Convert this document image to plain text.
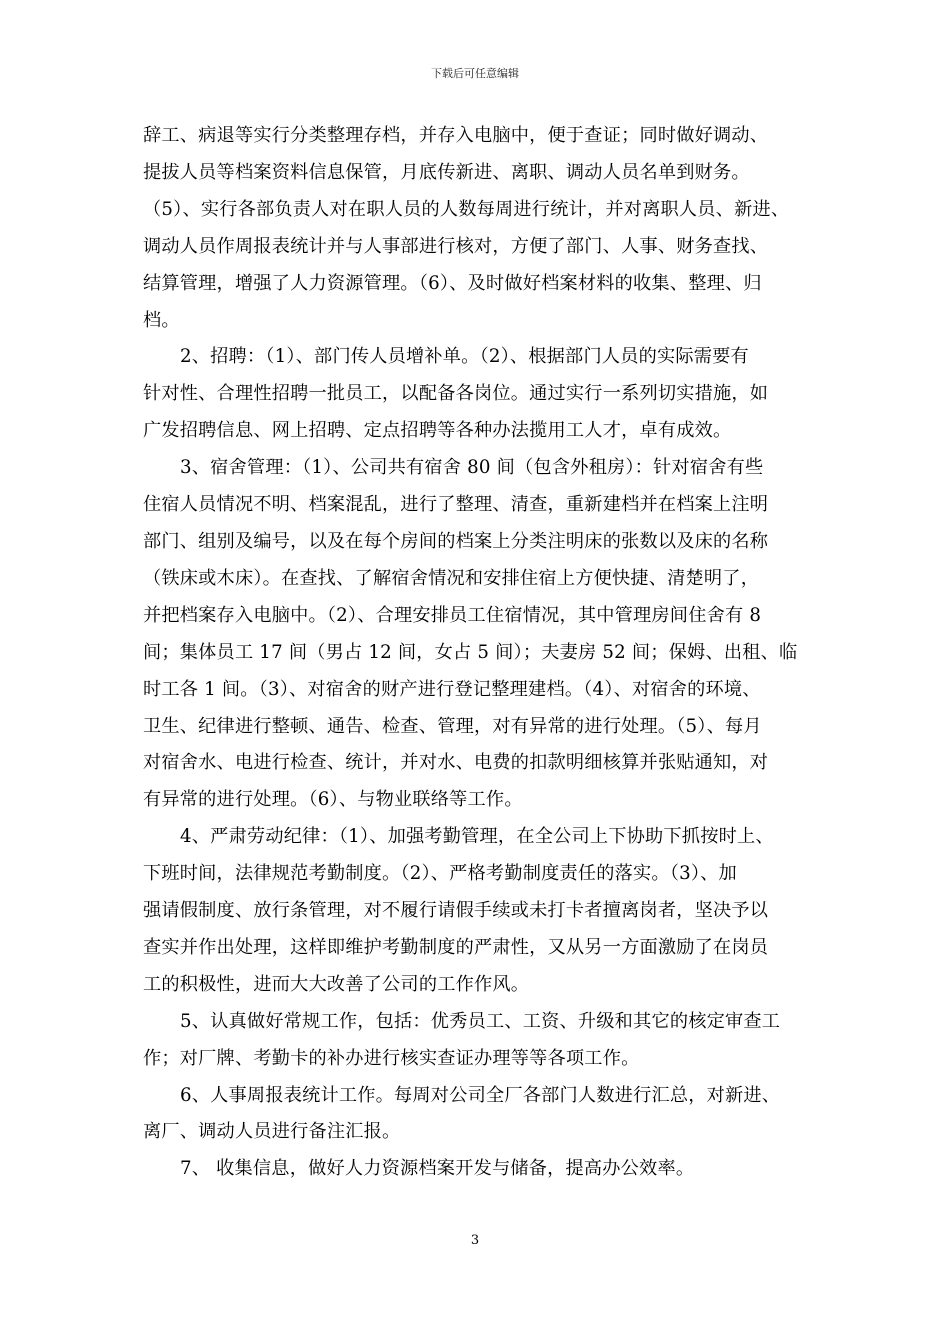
下载后可任意编辑

辞工、病退等实行分类整理存档，并存入电脑中，便于查证；同时做好调动、
提拔人员等档案资料信息保管，月底传新进、离职、调动人员名单到财务。
（5）、实行各部负责人对在职人员的人数每周进行统计，并对离职人员、新进、
调动人员作周报表统计并与人事部进行核对，方便了部门、人事、财务查找、
结算管理，增强了人力资源管理。（6）、及时做好档案材料的收集、整理、归
档。

2、招聘：（1）、部门传人员增补单。（2）、根据部门人员的实际需要有
针对性、合理性招聘一批员工，以配备各岗位。通过实行一系列切实措施，如
广发招聘信息、网上招聘、定点招聘等各种办法揽用工人才，卓有成效。

3、宿舍管理：（1）、公司共有宿舍 80 间（包含外租房）：针对宿舍有些
住宿人员情况不明、档案混乱，进行了整理、清查，重新建档并在档案上注明
部门、组别及编号，以及在每个房间的档案上分类注明床的张数以及床的名称
（铁床或木床）。在查找、了解宿舍情况和安排住宿上方便快捷、清楚明了，
并把档案存入电脑中。（2）、合理安排员工住宿情况，其中管理房间住舍有 8
间；集体员工 17 间（男占 12 间，女占 5 间）；夫妻房 52 间；保姆、出租、临
时工各 1 间。（3）、对宿舍的财产进行登记整理建档。（4）、对宿舍的环境、
卫生、纪律进行整顿、通告、检查、管理，对有异常的进行处理。（5）、每月
对宿舍水、电进行检查、统计，并对水、电费的扣款明细核算并张贴通知，对
有异常的进行处理。（6）、与物业联络等工作。

4、严肃劳动纪律：（1）、加强考勤管理，在全公司上下协助下抓按时上、
下班时间，法律规范考勤制度。（2）、严格考勤制度责任的落实。（3）、加
强请假制度、放行条管理，对不履行请假手续或未打卡者擅离岗者，坚决予以
查实并作出处理，这样即维护考勤制度的严肃性，又从另一方面激励了在岗员
工的积极性，进而大大改善了公司的工作作风。

5、认真做好常规工作，包括：优秀员工、工资、升级和其它的核定审查工
作；对厂牌、考勤卡的补办进行核实查证办理等等各项工作。

6、人事周报表统计工作。每周对公司全厂各部门人数进行汇总，对新进、
离厂、调动人员进行备注汇报。

7、 收集信息，做好人力资源档案开发与储备，提高办公效率。

3
